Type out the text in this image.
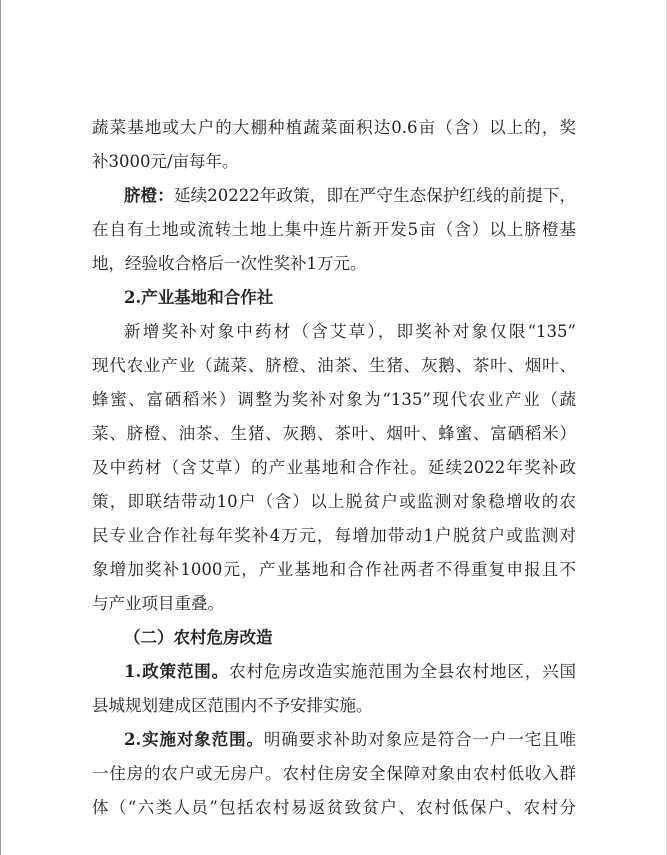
蔬菜基地或大户的大棚种植蔬菜面积达0.6亩（含）以上的，奖
补3000元/亩每年。
脐橙：延续20222年政策，即在严守生态保护红线的前提下，
在自有土地或流转土地上集中连片新开发5亩（含）以上脐橙基
地，经验收合格后一次性奖补1万元。
2.产业基地和合作社
新增奖补对象中药材（含艾草），即奖补对象仅限“135”
现代农业产业（蔬菜、脐橙、油茶、生猪、灰鹅、茶叶、烟叶、
蜂蜜、富硒稻米）调整为奖补对象为“135”现代农业产业（蔬
菜、脐橙、油茶、生猪、灰鹅、茶叶、烟叶、蜂蜜、富硒稻米）
及中药材（含艾草）的产业基地和合作社。延续2022年奖补政
策，即联结带动10户（含）以上脱贫户或监测对象稳增收的农
民专业合作社每年奖补4万元，每增加带动1户脱贫户或监测对
象增加奖补1000元，产业基地和合作社两者不得重复申报且不
与产业项目重叠。
（二）农村危房改造
1.政策范围。农村危房改造实施范围为全县农村地区，兴国
县城规划建成区范围内不予安排实施。
2.实施对象范围。明确要求补助对象应是符合一户一宅且唯
一住房的农户或无房户。农村住房安全保障对象由农村低收入群
体（“六类人员”包括农村易返贫致贫户、农村低保户、农村分
